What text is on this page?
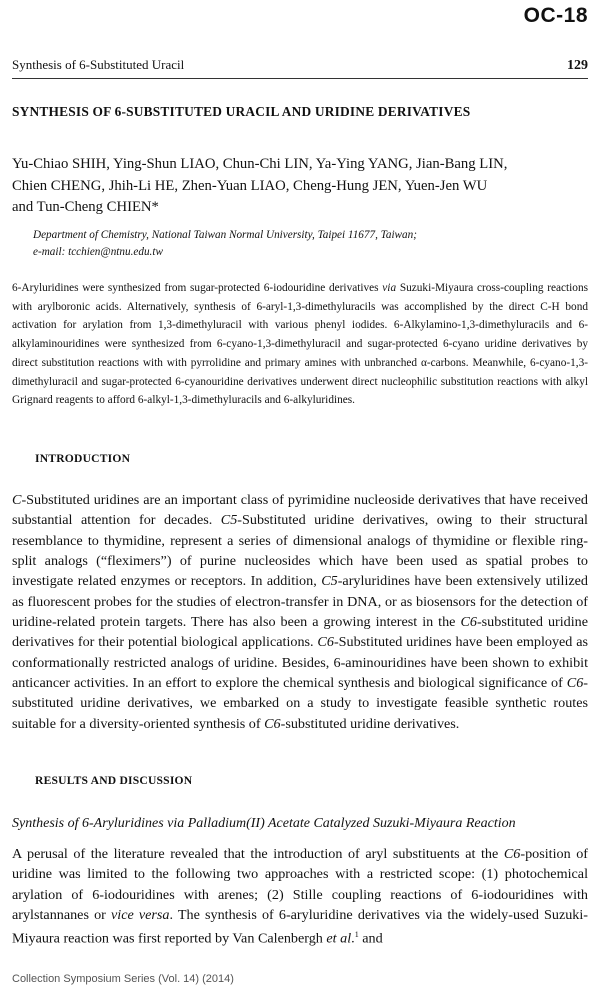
OC-18
Synthesis of 6-Substituted Uracil	129
SYNTHESIS OF 6-SUBSTITUTED URACIL AND URIDINE DERIVATIVES
Yu-Chiao SHIH, Ying-Shun LIAO, Chun-Chi LIN, Ya-Ying YANG, Jian-Bang LIN,
Chien CHENG, Jhih-Li HE, Zhen-Yuan LIAO, Cheng-Hung JEN, Yuen-Jen WU
and Tun-Cheng CHIEN*
Department of Chemistry, National Taiwan Normal University, Taipei 11677, Taiwan;
e-mail: tcchien@ntnu.edu.tw
6-Aryluridines were synthesized from sugar-protected 6-iodouridine derivatives via Suzuki-Miyaura cross-coupling reactions with arylboronic acids. Alternatively, synthesis of 6-aryl-1,3-dimethyluracils was accomplished by the direct C-H bond activation for arylation from 1,3-dimethyluracil with various phenyl iodides. 6-Alkylamino-1,3-dimethyluracils and 6-alkylaminouridines were synthesized from 6-cyano-1,3-dimethyluracil and sugar-protected 6-cyano uridine derivatives by direct substitution reactions with with pyrrolidine and primary amines with unbranched α-carbons. Meanwhile, 6-cyano-1,3-dimethyluracil and sugar-protected 6-cyanouridine derivatives underwent direct nucleophilic substitution reactions with alkyl Grignard reagents to afford 6-alkyl-1,3-dimethyluracils and 6-alkyluridines.
INTRODUCTION
C-Substituted uridines are an important class of pyrimidine nucleoside derivatives that have received substantial attention for decades. C5-Substituted uridine derivatives, owing to their structural resemblance to thymidine, represent a series of dimensional analogs of thymidine or flexible ring-split analogs (“fleximers”) of purine nucleosides which have been used as spatial probes to investigate related enzymes or receptors. In addition, C5-aryluridines have been extensively utilized as fluorescent probes for the studies of electron-transfer in DNA, or as biosensors for the detection of uridine-related protein targets. There has also been a growing interest in the C6-substituted uridine derivatives for their potential biological applications. C6-Substituted uridines have been employed as conformationally restricted analogs of uridine. Besides, 6-aminouridines have been shown to exhibit anticancer activities. In an effort to explore the chemical synthesis and biological significance of C6-substituted uridine derivatives, we embarked on a study to investigate feasible synthetic routes suitable for a diversity-oriented synthesis of C6-substituted uridine derivatives.
RESULTS AND DISCUSSION
Synthesis of 6-Aryluridines via Palladium(II) Acetate Catalyzed Suzuki-Miyaura Reaction
A perusal of the literature revealed that the introduction of aryl substituents at the C6-position of uridine was limited to the following two approaches with a restricted scope: (1) photochemical arylation of 6-iodouridines with arenes; (2) Stille coupling reactions of 6-iodouridines with arylstannanes or vice versa. The synthesis of 6-aryluridine derivatives via the widely-used Suzuki-Miyaura reaction was first reported by Van Calenbergh et al.$^1$ and
Collection Symposium Series (Vol. 14) (2014)
